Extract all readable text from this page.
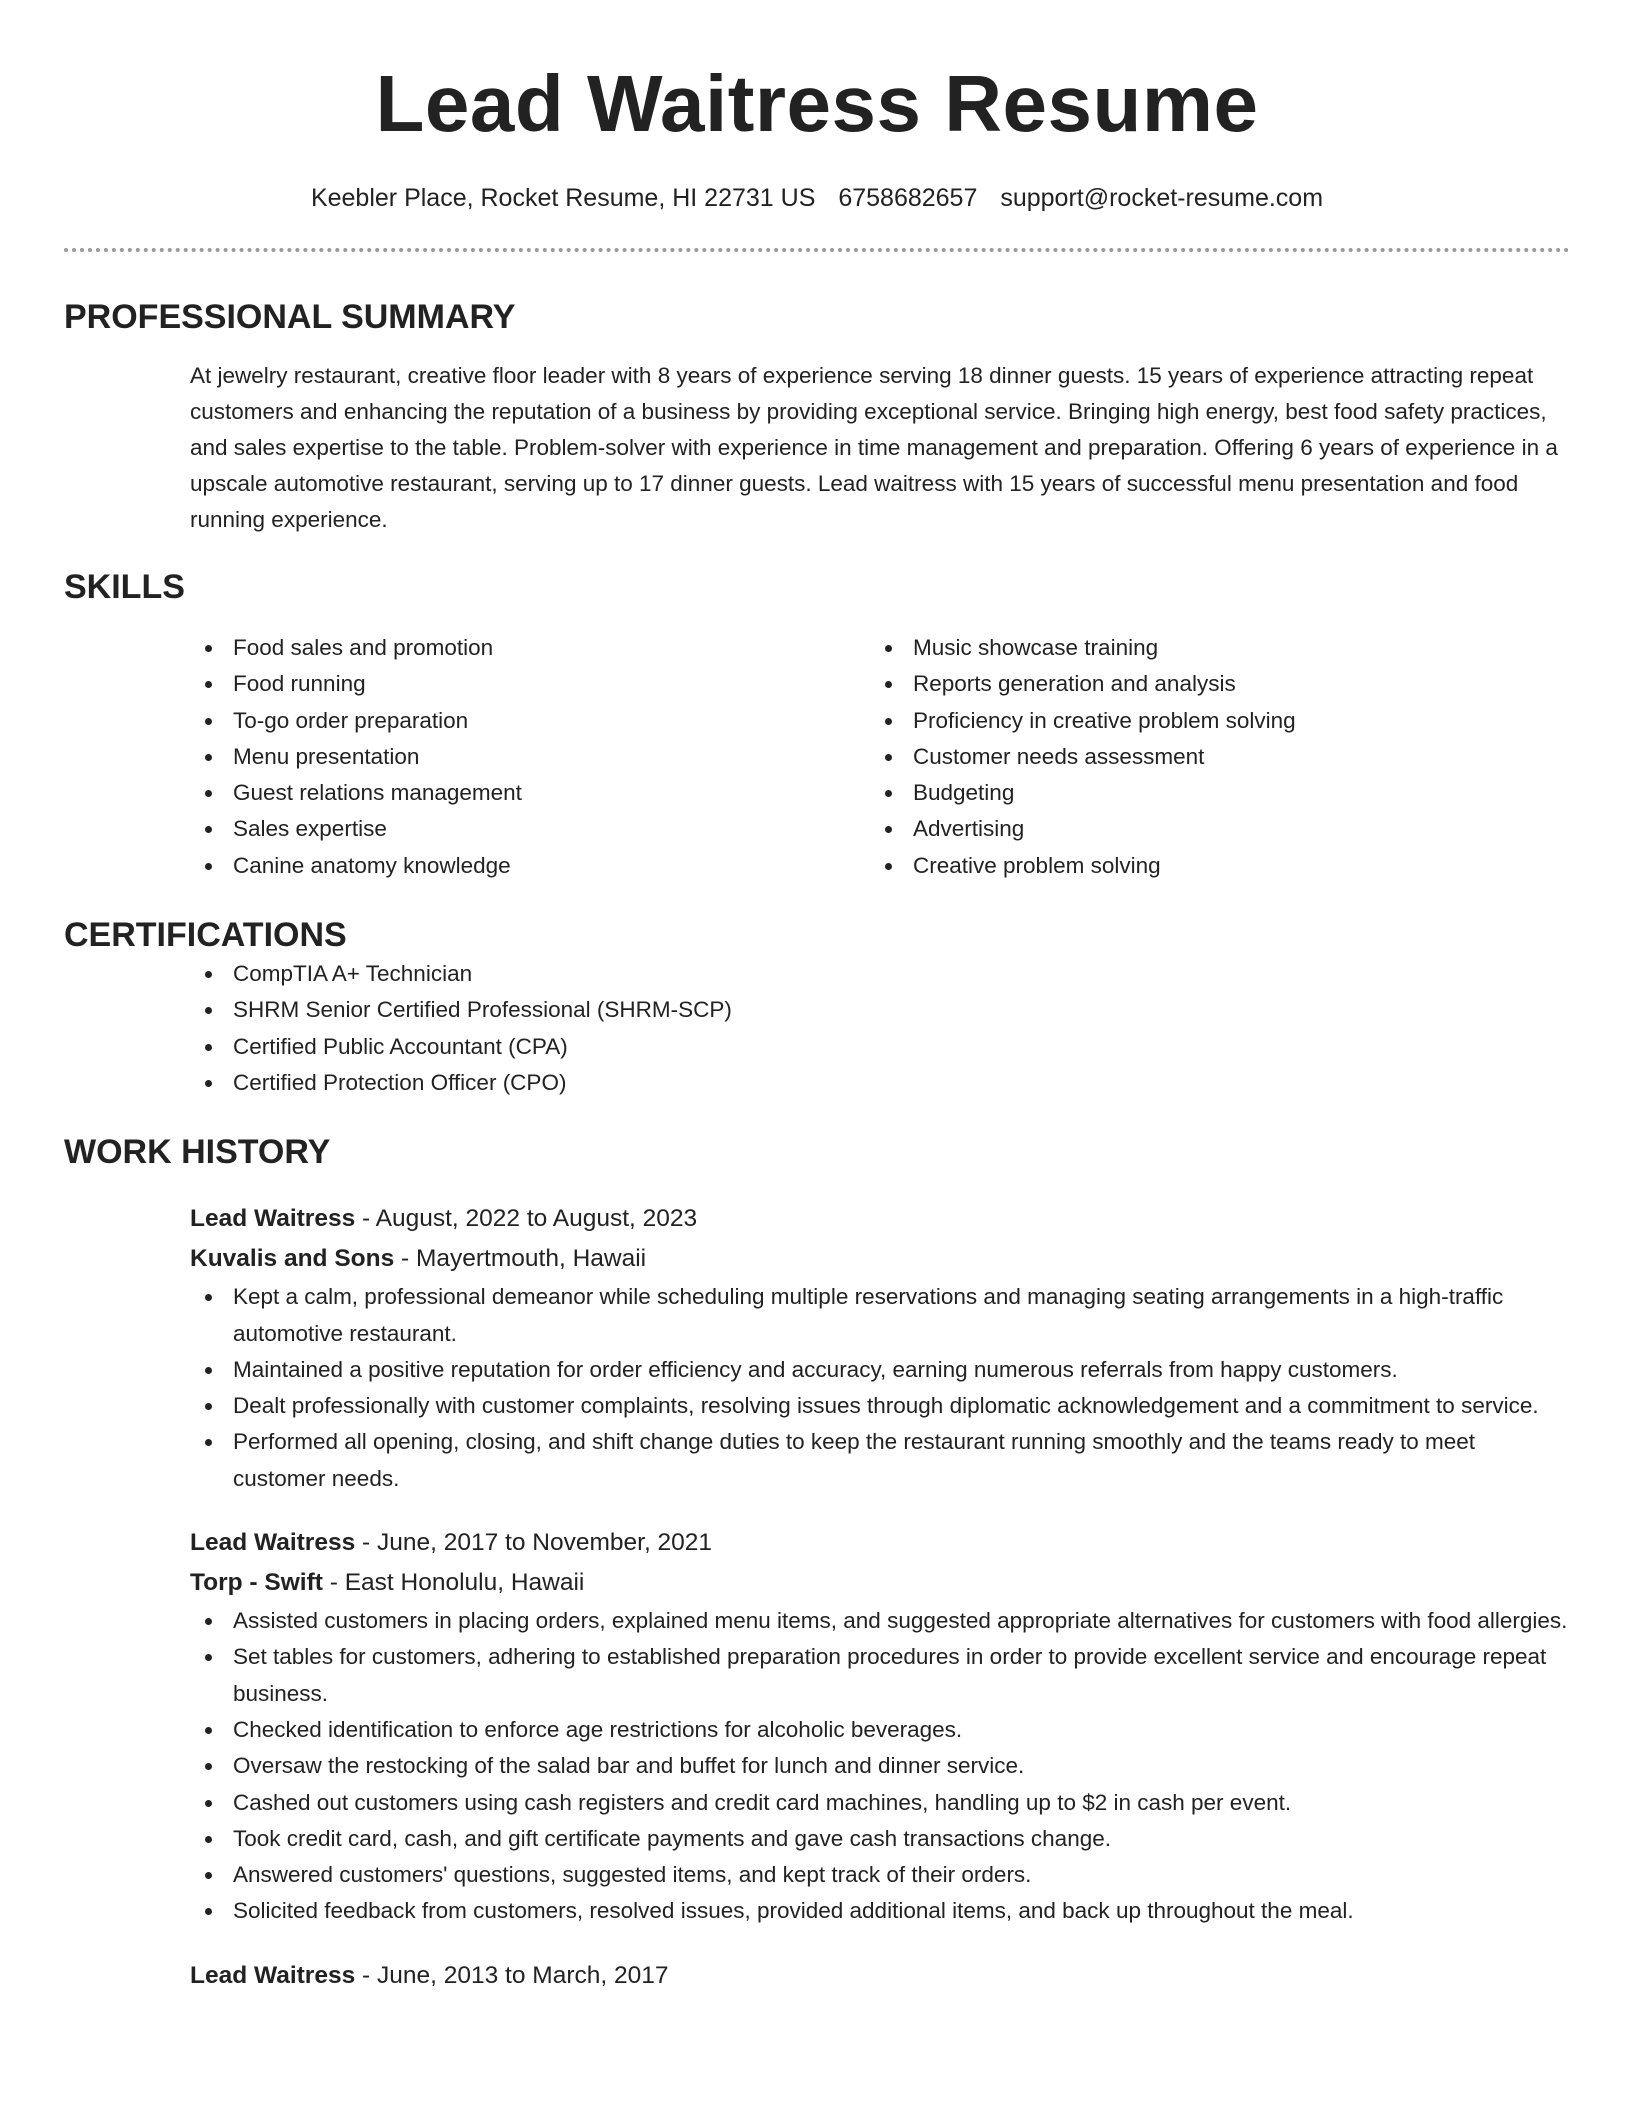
Lead Waitress Resume
Keebler Place, Rocket Resume, HI 22731 US 6758682657 support@rocket-resume.com
PROFESSIONAL SUMMARY
At jewelry restaurant, creative floor leader with 8 years of experience serving 18 dinner guests. 15 years of experience attracting repeat customers and enhancing the reputation of a business by providing exceptional service. Bringing high energy, best food safety practices, and sales expertise to the table. Problem-solver with experience in time management and preparation. Offering 6 years of experience in a upscale automotive restaurant, serving up to 17 dinner guests. Lead waitress with 15 years of successful menu presentation and food running experience.
SKILLS
Food sales and promotion
Food running
To-go order preparation
Menu presentation
Guest relations management
Sales expertise
Canine anatomy knowledge
Music showcase training
Reports generation and analysis
Proficiency in creative problem solving
Customer needs assessment
Budgeting
Advertising
Creative problem solving
CERTIFICATIONS
CompTIA A+ Technician
SHRM Senior Certified Professional (SHRM-SCP)
Certified Public Accountant (CPA)
Certified Protection Officer (CPO)
WORK HISTORY
Lead Waitress - August, 2022 to August, 2023
Kuvalis and Sons - Mayertmouth, Hawaii
Kept a calm, professional demeanor while scheduling multiple reservations and managing seating arrangements in a high-traffic automotive restaurant.
Maintained a positive reputation for order efficiency and accuracy, earning numerous referrals from happy customers.
Dealt professionally with customer complaints, resolving issues through diplomatic acknowledgement and a commitment to service.
Performed all opening, closing, and shift change duties to keep the restaurant running smoothly and the teams ready to meet customer needs.
Lead Waitress - June, 2017 to November, 2021
Torp - Swift - East Honolulu, Hawaii
Assisted customers in placing orders, explained menu items, and suggested appropriate alternatives for customers with food allergies.
Set tables for customers, adhering to established preparation procedures in order to provide excellent service and encourage repeat business.
Checked identification to enforce age restrictions for alcoholic beverages.
Oversaw the restocking of the salad bar and buffet for lunch and dinner service.
Cashed out customers using cash registers and credit card machines, handling up to $2 in cash per event.
Took credit card, cash, and gift certificate payments and gave cash transactions change.
Answered customers' questions, suggested items, and kept track of their orders.
Solicited feedback from customers, resolved issues, provided additional items, and back up throughout the meal.
Lead Waitress - June, 2013 to March, 2017
